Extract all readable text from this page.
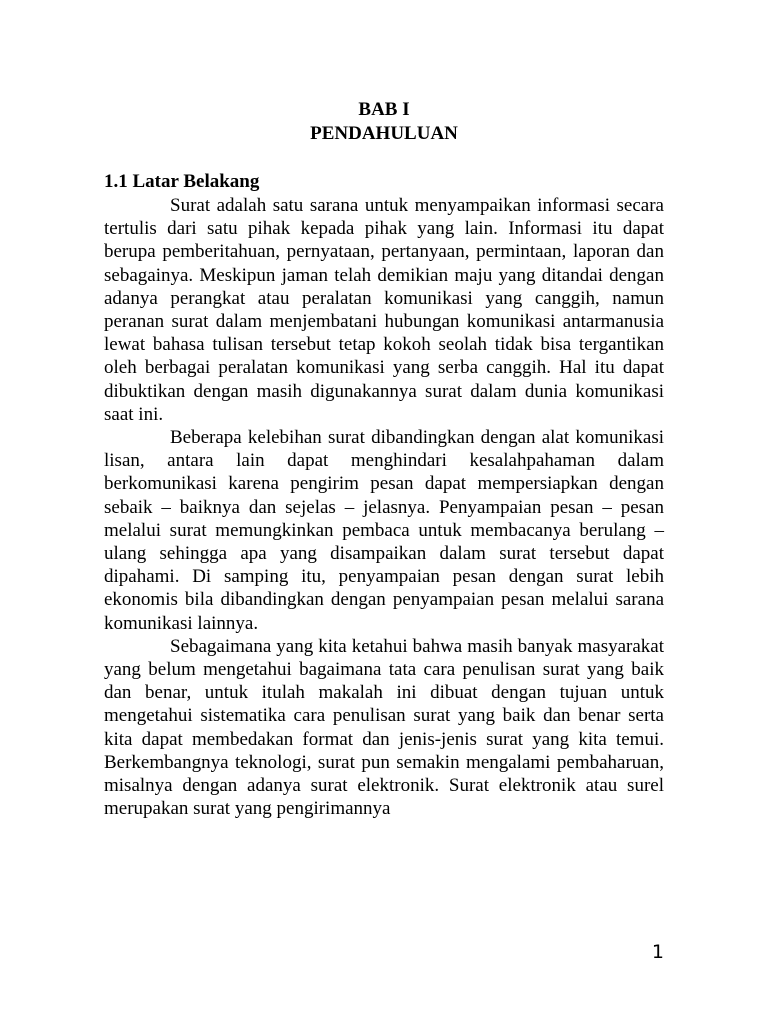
BAB I

PENDAHULUAN

1.1 Latar Belakang

Surat adalah satu sarana untuk menyampaikan informasi secara tertulis dari satu pihak kepada pihak yang lain. Informasi itu dapat berupa pemberitahuan, pernyataan, pertanyaan, permintaan, laporan dan sebagainya. Meskipun jaman telah demikian maju yang ditandai dengan adanya perangkat atau peralatan komunikasi yang canggih, namun peranan surat dalam menjembatani hubungan komunikasi antarmanusia lewat bahasa tulisan tersebut tetap kokoh seolah tidak bisa tergantikan oleh berbagai peralatan komunikasi yang serba canggih. Hal itu dapat dibuktikan dengan masih digunakannya surat dalam dunia komunikasi saat ini.

Beberapa kelebihan surat dibandingkan dengan alat komunikasi lisan, antara lain dapat menghindari kesalahpahaman dalam berkomunikasi karena pengirim pesan dapat mempersiapkan dengan sebaik – baiknya dan sejelas – jelasnya. Penyampaian pesan – pesan melalui surat memungkinkan pembaca untuk membacanya berulang – ulang sehingga apa yang disampaikan dalam surat tersebut dapat dipahami. Di samping itu, penyampaian pesan dengan surat lebih ekonomis bila dibandingkan dengan penyampaian pesan melalui sarana komunikasi lainnya.

Sebagaimana yang kita ketahui bahwa masih banyak masyarakat yang belum mengetahui bagaimana tata cara penulisan surat yang baik dan benar, untuk itulah makalah ini dibuat dengan tujuan untuk mengetahui sistematika cara penulisan surat yang baik dan benar serta kita dapat membedakan format dan jenis-jenis surat yang kita temui. Berkembangnya teknologi, surat pun semakin mengalami pembaharuan, misalnya dengan adanya surat elektronik. Surat elektronik atau surel merupakan surat yang pengirimannya

1
